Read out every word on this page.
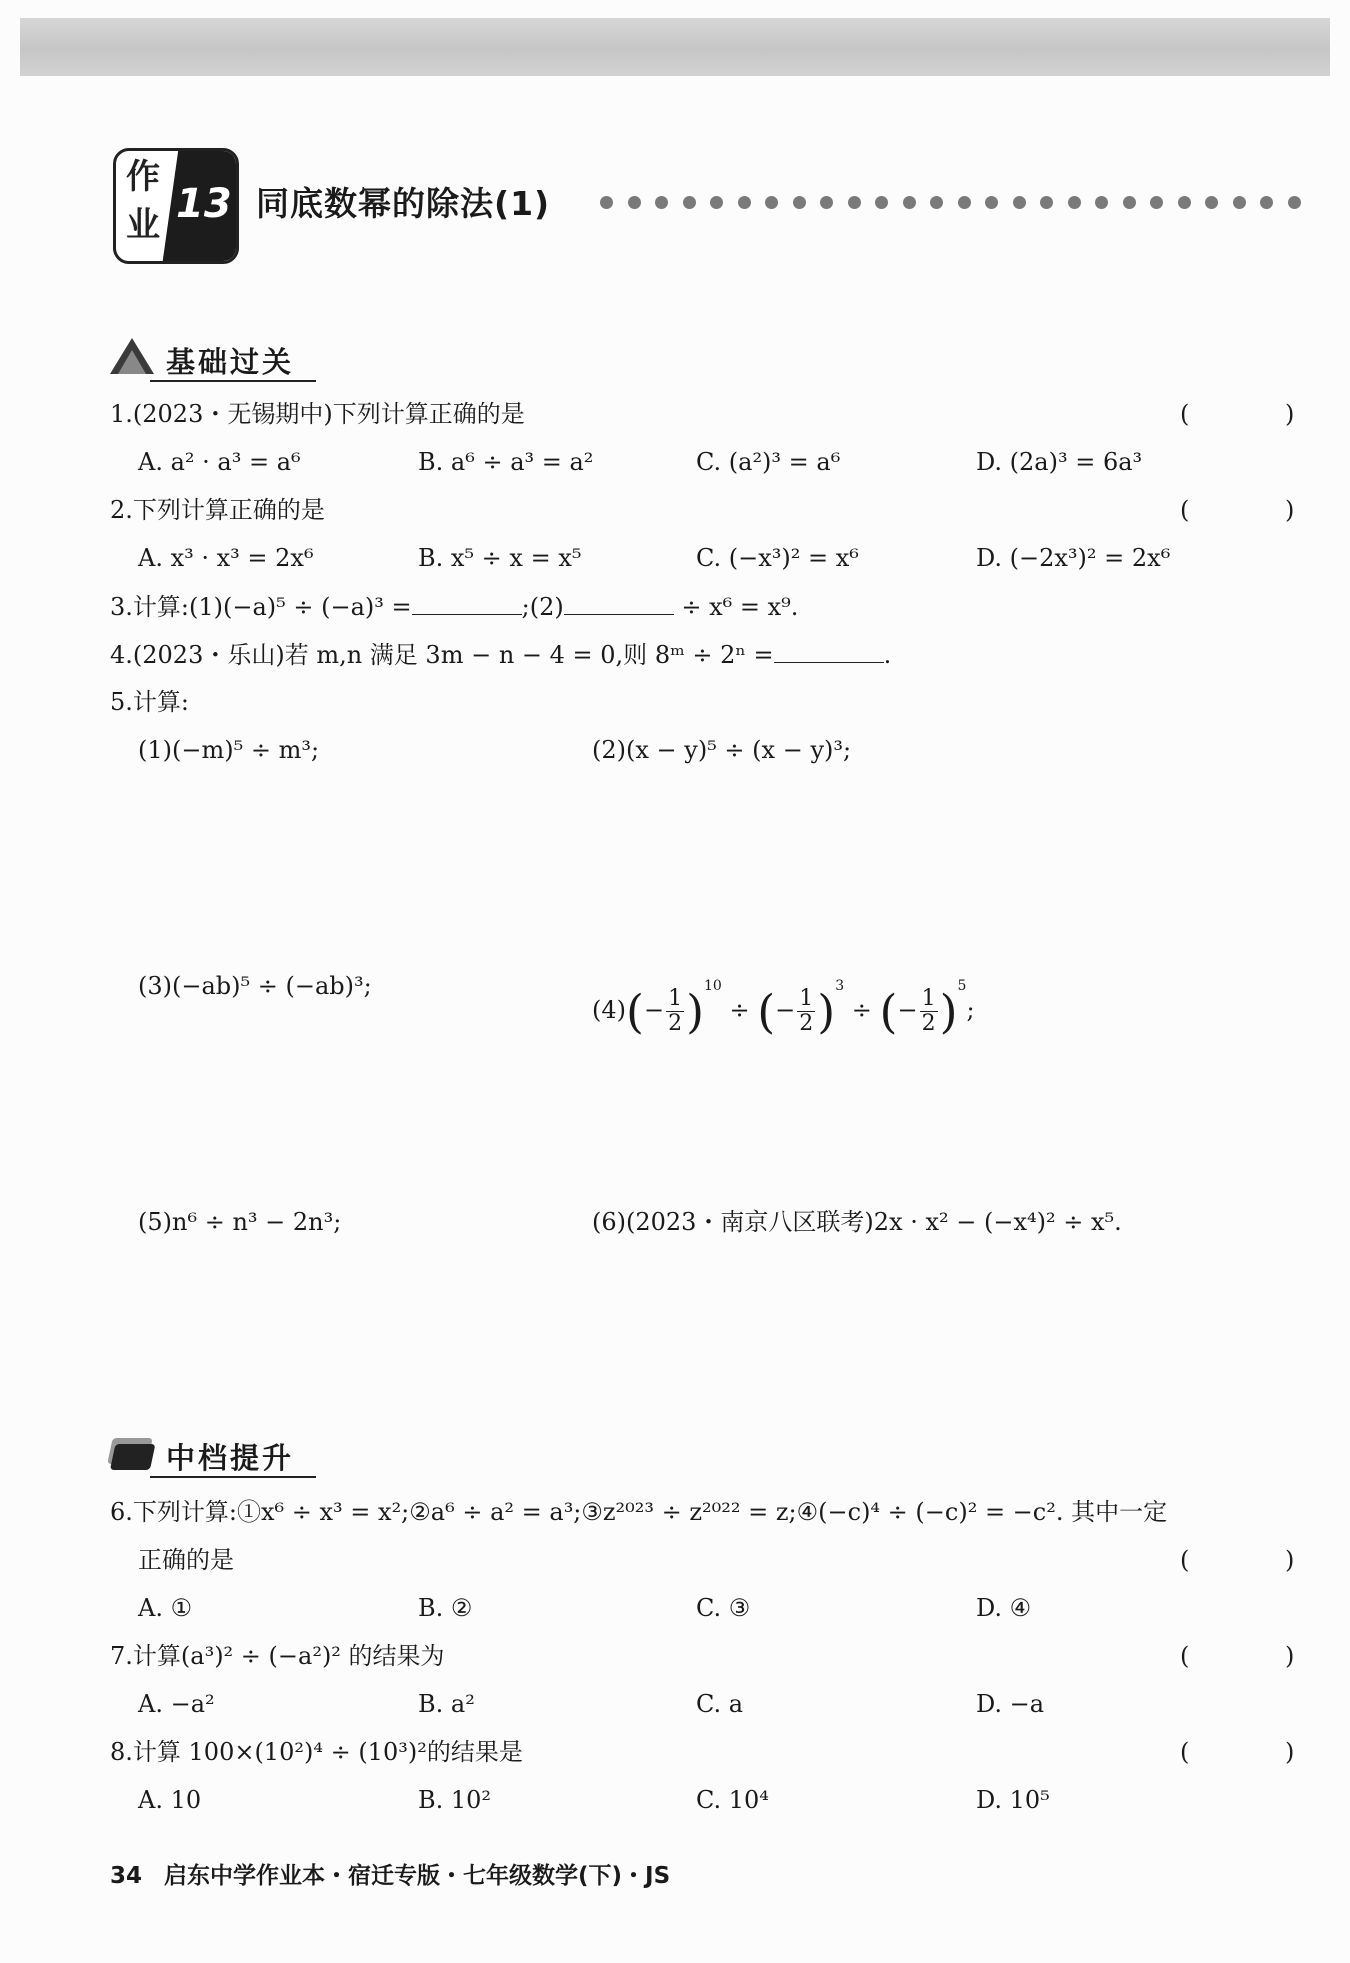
作
业 13 同底数幂的除法(1)
基础过关
1.(2023・无锡期中)下列计算正确的是	( )
A. a² · a³ = a⁶	B. a⁶ ÷ a³ = a²	C. (a²)³ = a⁶	D. (2a)³ = 6a³
2.下列计算正确的是	( )
A. x³ · x³ = 2x⁶	B. x⁵ ÷ x = x⁵	C. (−x³)² = x⁶	D. (−2x³)² = 2x⁶
3.计算:(1)(−a)⁵ ÷ (−a)³ =	;(2)	÷ x⁶ = x⁹.
4.(2023・乐山)若 m,n 满足 3m − n − 4 = 0,则 8ᵐ ÷ 2ⁿ =	.
5.计算:
(1)(−m)⁵ ÷ m³;	(2)(x − y)⁵ ÷ (x − y)³;
(3)(−ab)⁵ ÷ (−ab)³;
$(4)(- \frac{1}{2} )^{10}$ ÷ (− $\frac{1}{2} )^3$ ÷ (− $\frac{1}{2} )^5$;
(5)n⁶ ÷ n³ − 2n³;	(6)(2023・南京八区联考)2x · x² − (−x⁴)² ÷ x⁵.
中档提升
6.下列计算:①x⁶ ÷ x³ = x²;②a⁶ ÷ a² = a³;③z²⁰²³ ÷ z²⁰²² = z;④(−c)⁴ ÷ (−c)² = −c². 其中一定
正确的是	( )
A. ①	B. ②	C. ③	D. ④
7.计算(a³)² ÷ (−a²)² 的结果为	( )
A. −a²	B. a²	C. a	D. −a
8.计算 100×(10²)⁴ ÷ (10³)²的结果是	( )
A. 10	B. 10²	C. 10⁴	D. 10⁵
34 启东中学作业本・宿迁专版・七年级数学(下)・JS
